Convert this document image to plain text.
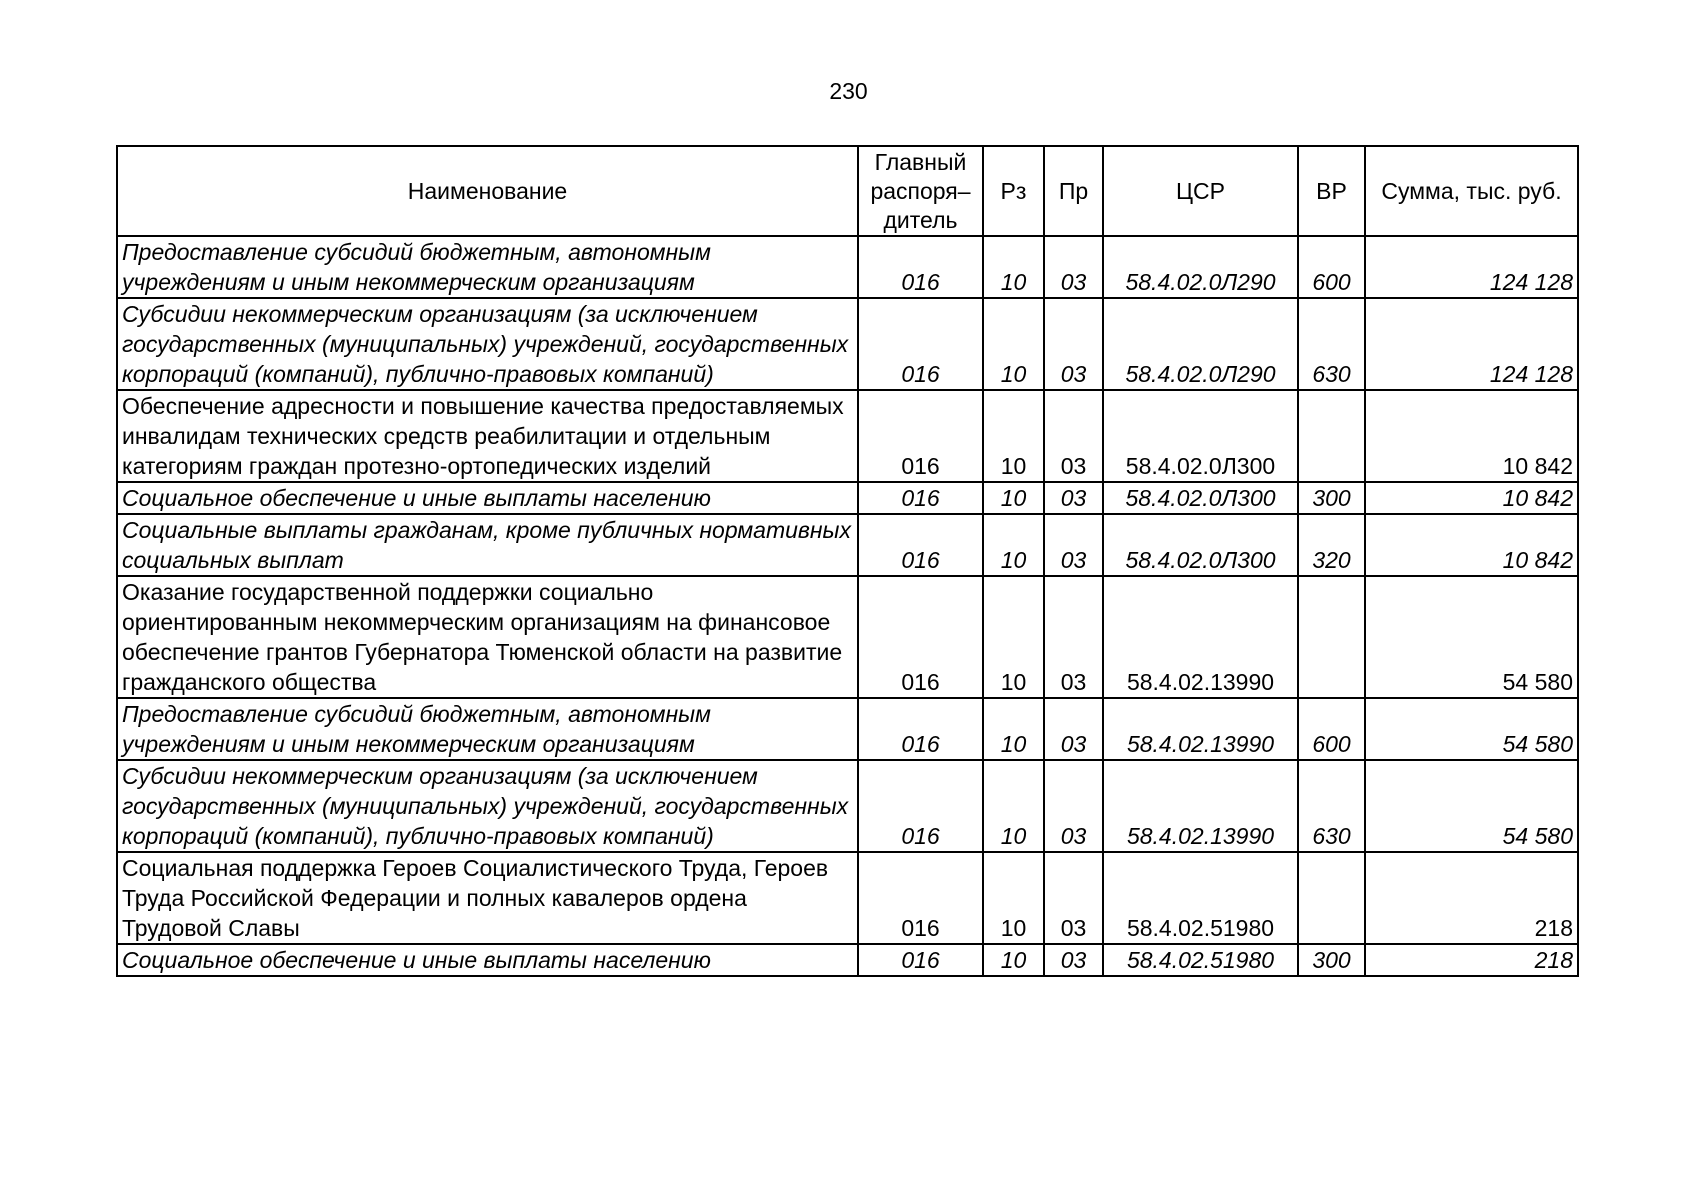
230
Наименование	Главный распоря– дитель	Рз	Пр	ЦСР	ВР	Сумма, тыс. руб.
Предоставление субсидий бюджетным, автономным учреждениям и иным некоммерческим организациям	016	10	03	58.4.02.0Л290	600	124 128
Субсидии некоммерческим организациям (за исключением государственных (муниципальных) учреждений, государственных корпораций (компаний), публично-правовых компаний)	016	10	03	58.4.02.0Л290	630	124 128
Обеспечение адресности и повышение качества предоставляемых инвалидам технических средств реабилитации и отдельным категориям граждан протезно-ортопедических изделий	016	10	03	58.4.02.0Л300		10 842
Социальное обеспечение и иные выплаты населению	016	10	03	58.4.02.0Л300	300	10 842
Социальные выплаты гражданам, кроме публичных нормативных социальных выплат	016	10	03	58.4.02.0Л300	320	10 842
Оказание государственной поддержки социально ориентированным некоммерческим организациям на финансовое обеспечение грантов Губернатора Тюменской области на развитие гражданского общества	016	10	03	58.4.02.13990		54 580
Предоставление субсидий бюджетным, автономным учреждениям и иным некоммерческим организациям	016	10	03	58.4.02.13990	600	54 580
Субсидии некоммерческим организациям (за исключением государственных (муниципальных) учреждений, государственных корпораций (компаний), публично-правовых компаний)	016	10	03	58.4.02.13990	630	54 580
Социальная поддержка Героев Социалистического Труда, Героев Труда Российской Федерации и полных кавалеров ордена Трудовой Славы	016	10	03	58.4.02.51980		218
Социальное обеспечение и иные выплаты населению	016	10	03	58.4.02.51980	300	218
